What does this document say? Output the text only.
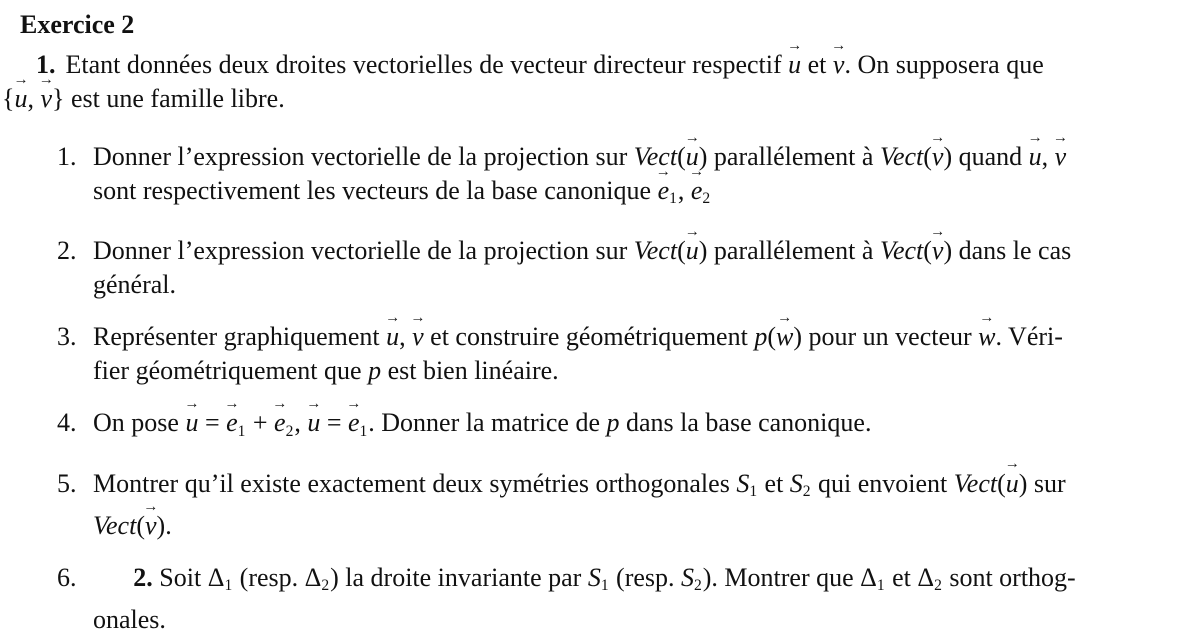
Exercice 2
1. Etant données deux droites vectorielles de vecteur directeur respectif u → et v →. On supposera que
{u →, v →} est une famille libre.
1. Donner l’expression vectorielle de la projection sur Vect(u →) parallélement à Vect(v →) quand u →, v →
sont respectivement les vecteurs de la base canonique $e \to_1$, $e \to_2$
2. Donner l’expression vectorielle de la projection sur Vect(u →) parallélement à Vect(v →) dans le cas
général.
3. Représenter graphiquement u →, v → et construire géométriquement p(w →) pour un vecteur w →. Véri-
fier géométriquement que p est bien linéaire.
4. On pose u → = $e \to_1 + e \to_2$, u → = $e \to_1$. Donner la matrice de p dans la base canonique.
5. Montrer qu’il existe exactement deux symétries orthogonales $S_1$ et $S_2$ qui envoient Vect(u →) sur
Vect(v →).
6.	2. Soit $\Delta_1$ (resp. $\Delta_2$) la droite invariante par $S_1$ (resp. $S_2$). Montrer que $\Delta_1$ et $\Delta_2$ sont orthog-
onales.
